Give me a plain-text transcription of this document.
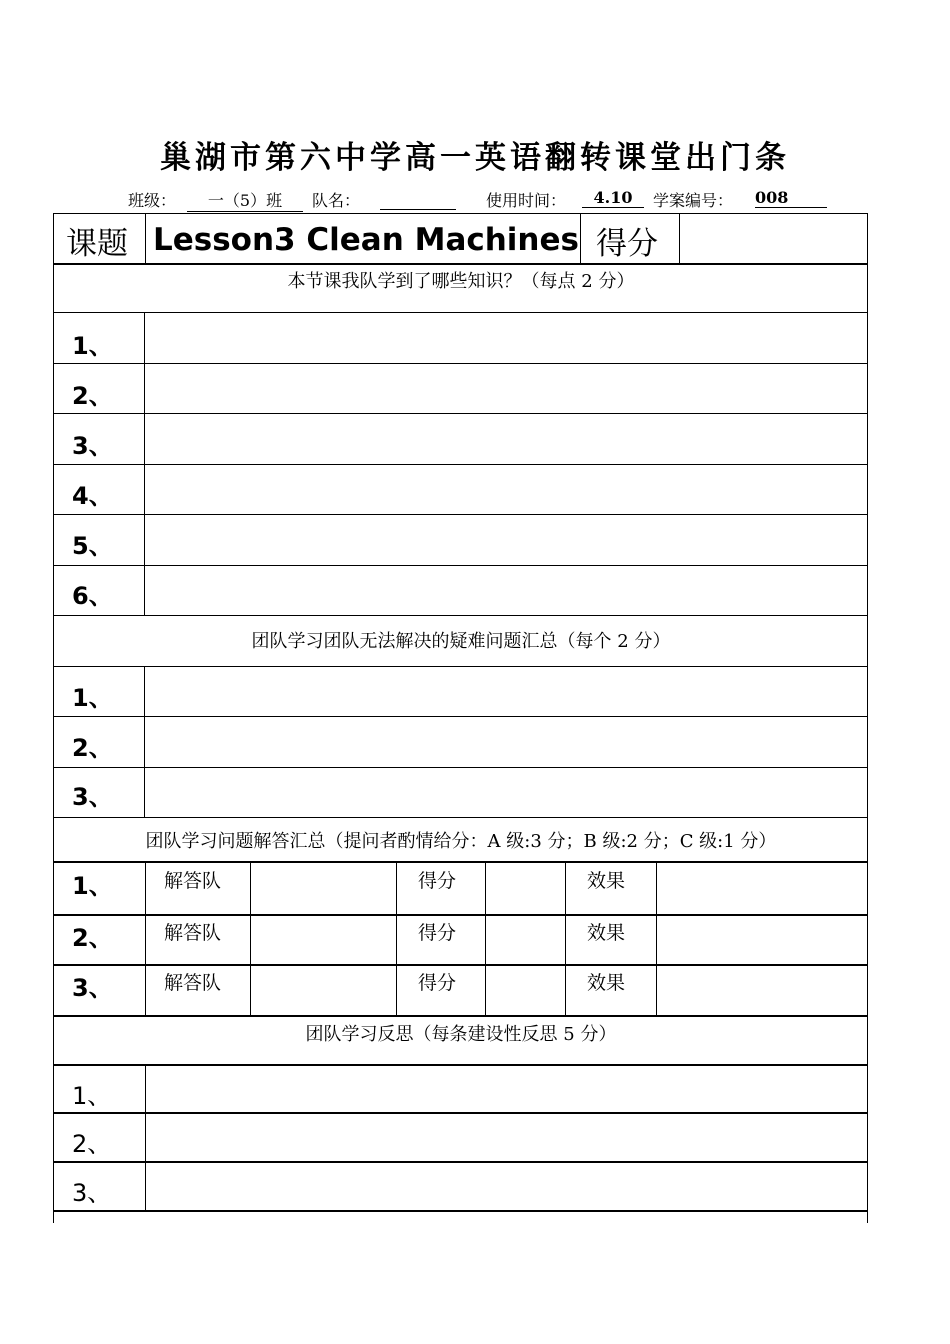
巢湖市第六中学高一英语翻转课堂出门条
班级：	一（5）班	队名：	使用时间：	4.10	学案编号： 008
课题 Lesson3 Clean Machines 得分
本节课我队学到了哪些知识？（每点 2 分）
1、
2、
3、
4、
5、
6、
团队学习团队无法解决的疑难问题汇总（每个 2 分）
1、
2、
3、
团队学习问题解答汇总（提问者酌情给分：A 级:3 分；B 级:2 分；C 级:1 分）
1、	解答队	得分	效果
2、	解答队	得分	效果
3、	解答队	得分	效果
团队学习反思（每条建设性反思 5 分）
1、
2、
3、
